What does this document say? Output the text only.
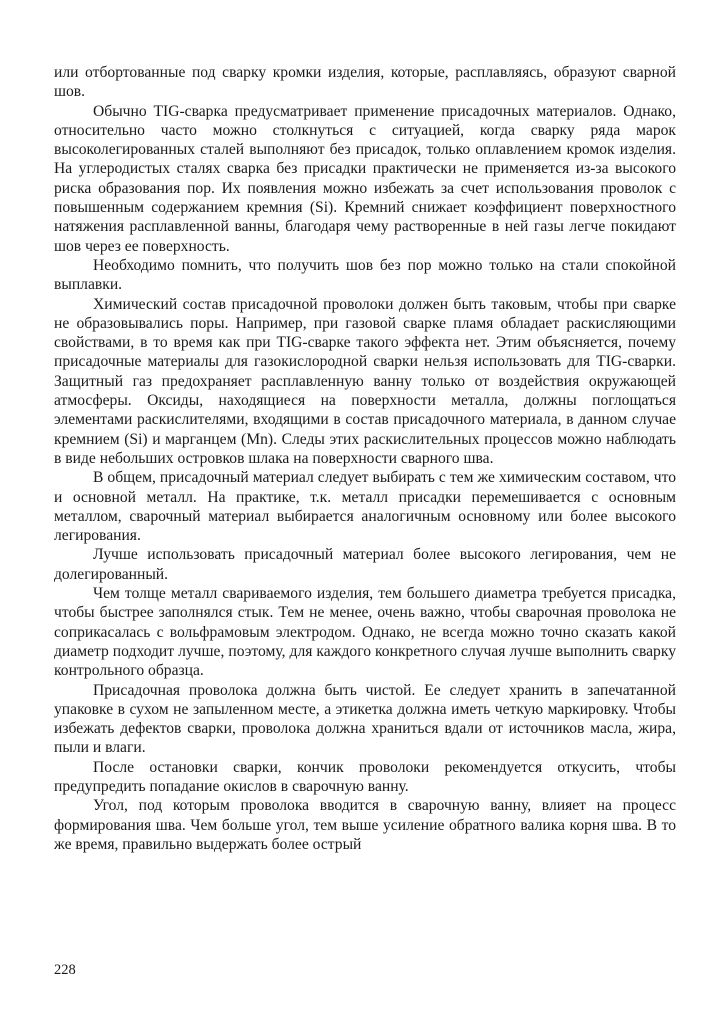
или отбортованные под сварку кромки изделия, которые, расплавляясь, образуют сварной шов.

Обычно TIG-сварка предусматривает применение присадочных материалов. Однако, относительно часто можно столкнуться с ситуацией, когда сварку ряда марок высоколегированных сталей выполняют без присадок, только оплавлением кромок изделия. На углеродистых сталях сварка без присадки практически не применяется из-за высокого риска образования пор. Их появления можно избежать за счет использования проволок с повышенным содержанием кремния (Si). Кремний снижает коэффициент поверхностного натяжения расплавленной ванны, благодаря чему растворенные в ней газы легче покидают шов через ее поверхность.

Необходимо помнить, что получить шов без пор можно только на стали спокойной выплавки.

Химический состав присадочной проволоки должен быть таковым, чтобы при сварке не образовывались поры. Например, при газовой сварке пламя обладает раскисляющими свойствами, в то время как при TIG-сварке такого эффекта нет. Этим объясняется, почему присадочные материалы для газокислородной сварки нельзя использовать для TIG-сварки. Защитный газ предохраняет расплавленную ванну только от воздействия окружающей атмосферы. Оксиды, находящиеся на поверхности металла, должны поглощаться элементами раскислителями, входящими в состав присадочного материала, в данном случае кремнием (Si) и марганцем (Mn). Следы этих раскислительных процессов можно наблюдать в виде небольших островков шлака на поверхности сварного шва.

В общем, присадочный материал следует выбирать с тем же химическим составом, что и основной металл. На практике, т.к. металл присадки перемешивается с основным металлом, сварочный материал выбирается аналогичным основному или более высокого легирования.

Лучше использовать присадочный материал более высокого легирования, чем не долегированный.

Чем толще металл свариваемого изделия, тем большего диаметра требуется присадка, чтобы быстрее заполнялся стык. Тем не менее, очень важно, чтобы сварочная проволока не соприкасалась с вольфрамовым электродом. Однако, не всегда можно точно сказать какой диаметр подходит лучше, поэтому, для каждого конкретного случая лучше выполнить сварку контрольного образца.

Присадочная проволока должна быть чистой. Ее следует хранить в запечатанной упаковке в сухом не запыленном месте, а этикетка должна иметь четкую маркировку. Чтобы избежать дефектов сварки, проволока должна храниться вдали от источников масла, жира, пыли и влаги.

После остановки сварки, кончик проволоки рекомендуется откусить, чтобы предупредить попадание окислов в сварочную ванну.

Угол, под которым проволока вводится в сварочную ванну, влияет на процесс формирования шва. Чем больше угол, тем выше усиление обратного валика корня шва. В то же время, правильно выдержать более острый

228
